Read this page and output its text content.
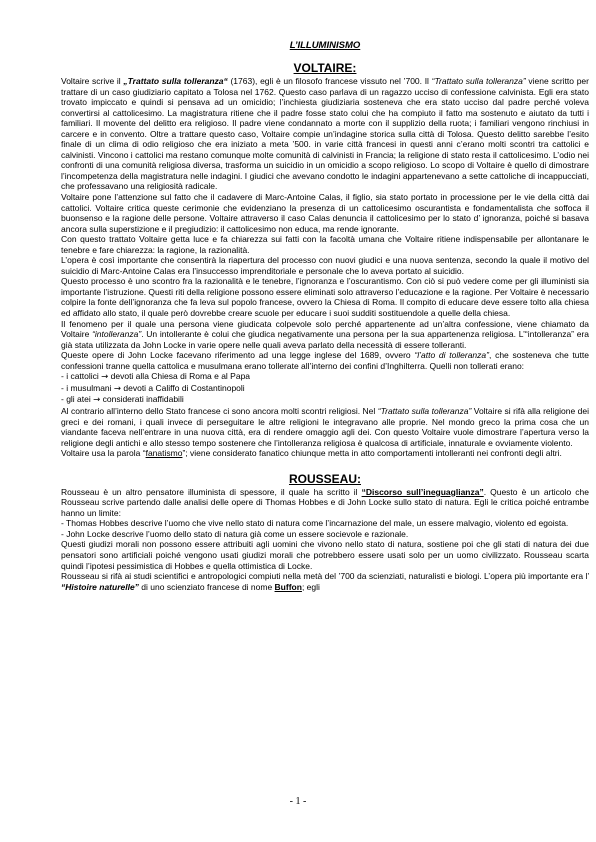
L’ILLUMINISMO
VOLTAIRE:

Voltaire scrive il „Trattato sulla tolleranza“ (1763), egli è un filosofo francese vissuto nel ’700. Il “Trattato sulla tolleranza” viene scritto per trattare di un caso giudiziario capitato a Tolosa nel 1762. Questo caso parlava di un ragazzo ucciso di confessione calvinista. Egli era stato trovato impiccato e quindi si pensava ad un omicidio; l’inchiesta giudiziaria sosteneva che era stato ucciso dal padre perché voleva convertirsi al cattolicesimo. La magistratura ritiene che il padre fosse stato colui che ha compiuto il fatto ma sostenuto e aiutato da tutti i familiari. Il movente del delitto era religioso. Il padre viene condannato a morte con il supplizio della ruota; i familiari vengono rinchiusi in carcere e in convento. Oltre a trattare questo caso, Voltaire compie un’indagine storica sulla città di Tolosa. Questo delitto sarebbe l’esito finale di un clima di odio religioso che era iniziato a meta ’500. in varie città francesi in questi anni c’erano molti scontri tra cattolici e calvinisti. Vincono i cattolici ma restano comunque molte comunità di calvinisti in Francia; la religione di stato resta il cattolicesimo. L’odio nei confronti di una comunità religiosa diversa, trasforma un suicidio in un omicidio a scopo religioso. Lo scopo di Voltaire è quello di dimostrare l’incompetenza della magistratura nelle indagini. I giudici che avevano condotto le indagini appartenevano a sette cattoliche di incappucciati, che professavano una religiosità radicale.

Voltaire pone l’attenzione sul fatto che il cadavere di Marc-Antoine Calas, il figlio, sia stato portato in processione per le vie della città dai cattolici. Voltaire critica queste cerimonie che evidenziano la presenza di un cattolicesimo oscurantista e fondamentalista che soffoca il buonsenso e la ragione delle persone. Voltaire attraverso il caso Calas denuncia il cattolicesimo per lo stato d’ ignoranza, poiché si basava ancora sulla superstizione e il pregiudizio: il cattolicesimo non educa, ma rende ignorante.

Con questo trattato Voltaire getta luce e fa chiarezza sui fatti con la facoltà umana che Voltaire ritiene indispensabile per allontanare le tenebre e fare chiarezza: la ragione, la razionalità.

L’opera è così importante che consentirà la riapertura del processo con nuovi giudici e una nuova sentenza, secondo la quale il motivo del suicidio di Marc-Antoine Calas era l’insuccesso imprenditoriale e personale che lo aveva portato al suicidio.

Questo processo è uno scontro fra la razionalità e le tenebre, l’ignoranza e l’oscurantismo. Con ciò si può vedere come per gli illuministi sia importante l’istruzione. Questi riti della religione possono essere eliminati solo attraverso l’educazione e la ragione. Per Voltaire è necessario colpire la fonte dell’ignoranza che fa leva sul popolo francese, ovvero la Chiesa di Roma. Il compito di educare deve essere tolto alla chiesa ed affidato allo stato, il quale però dovrebbe creare scuole per educare i suoi sudditi sostituendole a quelle della chiesa.

Il fenomeno per il quale una persona viene giudicata colpevole solo perché appartenente ad un’altra confessione, viene chiamato da Voltaire “intolleranza”. Un intollerante è colui che giudica negativamente una persona per la sua appartenenza religiosa. L’“intolleranza” era già stata utilizzata da John Locke in varie opere nelle quali aveva parlato della necessità di essere tolleranti.

Queste opere di John Locke facevano riferimento ad una legge inglese del 1689, ovvero “l’atto di tolleranza”, che sosteneva che tutte confessioni tranne quella cattolica e musulmana erano tollerate all’interno dei confini d’Inghilterra. Quelli non tollerati erano:

- i cattolici → devoti alla Chiesa di Roma e al Papa
- i musulmani → devoti a Califfo di Costantinopoli
- gli atei → considerati inaffidabili

Al contrario all’interno dello Stato francese ci sono ancora molti scontri religiosi. Nel “Trattato sulla tolleranza” Voltaire si rifà alla religione dei greci e dei romani, i quali invece di perseguitare le altre religioni le integravano alle proprie. Nel mondo greco la prima cosa che un viandante faceva nell’entrare in una nuova città, era di rendere omaggio agli dei. Con questo Voltaire vuole dimostrare l’apertura verso la religione degli antichi e allo stesso tempo sostenere che l’intolleranza religiosa è qualcosa di artificiale, innaturale e ovviamente violento.

Voltaire usa la parola “fanatismo”; viene considerato fanatico chiunque metta in atto comportamenti intolleranti nei confronti degli altri.

ROUSSEAU:

Rousseau è un altro pensatore illuminista di spessore, il quale ha scritto il “Discorso sull’ineguaglianza”. Questo è un articolo che Rousseau scrive partendo dalle analisi delle opere di Thomas Hobbes e di John Locke sullo stato di natura. Egli le critica poiché entrambe hanno un limite:

- Thomas Hobbes descrive l’uomo che vive nello stato di natura come l’incarnazione del male, un essere malvagio, violento ed egoista.

- John Locke descrive l’uomo dello stato di natura già come un essere socievole e razionale.

Questi giudizi morali non possono essere attribuiti agli uomini che vivono nello stato di natura, sostiene poi che gli stati di natura dei due pensatori sono artificiali poiché vengono usati giudizi morali che potrebbero essere usati solo per un uomo civilizzato. Rousseau scarta quindi l’ipotesi pessimistica di Hobbes e quella ottimistica di Locke.

Rousseau si rifà ai studi scientifici e antropologici compiuti nella metà del ’700 da scienziati, naturalisti e biologi. L’opera più importante era l’ “Histoire naturelle” di uno scienziato francese di nome Buffon; egli

- 1 -
